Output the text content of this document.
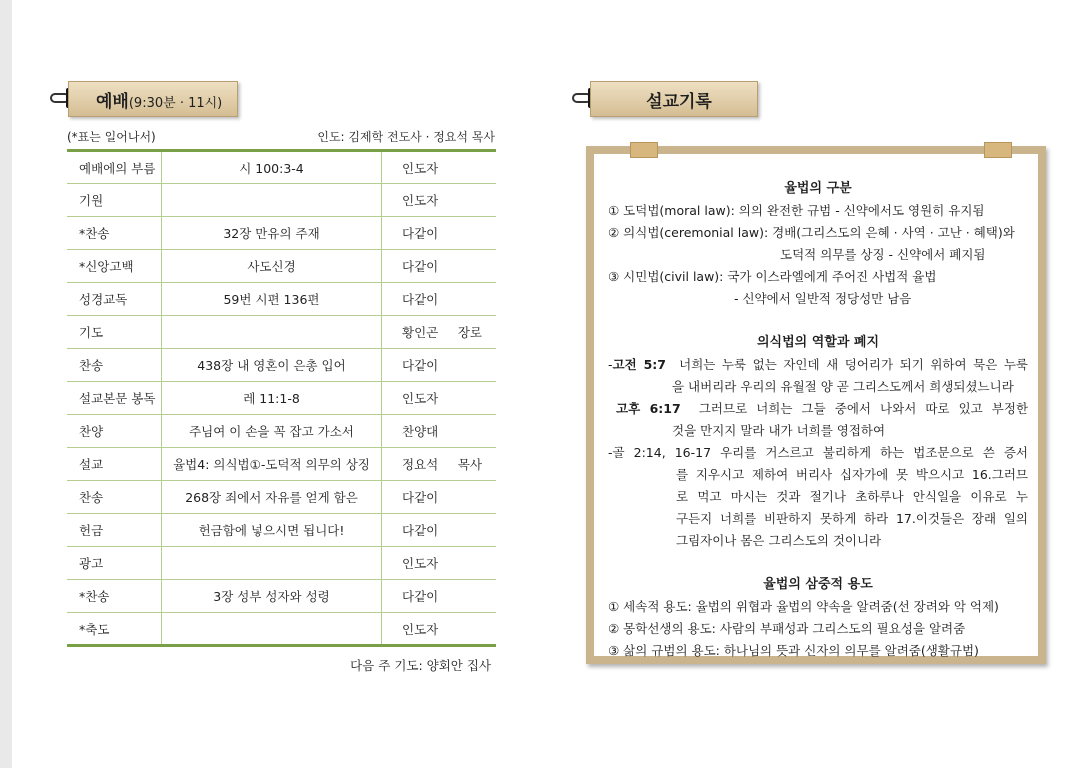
예배(9:30분 · 11시)
(*표는 일어나서)	인도: 김제학 전도사 · 정요석 목사
예배에의 부름	시 100:3-4	인도자

기원		인도자

*찬송	32장 만유의 주재	다같이

*신앙고백	사도신경	다같이

성경교독	59번 시편 136편	다같이

기도		황인곤 장로

찬송	438장 내 영혼이 은총 입어	다같이

설교본문 봉독	레 11:1-8	인도자

찬양	주님여 이 손을 꼭 잡고 가소서	찬양대

설교	율법4: 의식법①-도덕적 의무의 상징	정요석 목사

찬송	268장 죄에서 자유를 얻게 함은	다같이

헌금	헌금함에 넣으시면 됩니다!	다같이

광고		인도자

*찬송	3장 성부 성자와 성령	다같이

*축도		인도자
다음 주 기도: 양회안 집사
설교기록
율법의 구분
① 도덕법(moral law): 의의 완전한 규범 - 신약에서도 영원히 유지됨
② 의식법(ceremonial law): 경배(그리스도의 은혜 · 사역 · 고난 · 혜택)와
도덕적 의무를 상징 - 신약에서 폐지됨
③ 시민법(civil law): 국가 이스라엘에게 주어진 사법적 율법
- 신약에서 일반적 정당성만 남음
의식법의 역할과 폐지
-고전 5:7 너희는 누룩 없는 자인데 새 덩어리가 되기 위하여 묵은 누룩
을 내버리라 우리의 유월절 양 곧 그리스도께서 희생되셨느니라
고후 6:17 그러므로 너희는 그들 중에서 나와서 따로 있고 부정한
것을 만지지 말라 내가 너희를 영접하여
-골 2:14, 16-17 우리를 거스르고 불리하게 하는 법조문으로 쓴 증서
를 지우시고 제하여 버리사 십자가에 못 박으시고 16.그러므
로 먹고 마시는 것과 절기나 초하루나 안식일을 이유로 누
구든지 너희를 비판하지 못하게 하라 17.이것들은 장래 일의
그림자이나 몸은 그리스도의 것이니라
율법의 삼중적 용도
① 세속적 용도: 율법의 위협과 율법의 약속을 알려줌(선 장려와 악 억제)
② 몽학선생의 용도: 사람의 부패성과 그리스도의 필요성을 알려줌
③ 삶의 규범의 용도: 하나님의 뜻과 신자의 의무를 알려줌(생활규범)
